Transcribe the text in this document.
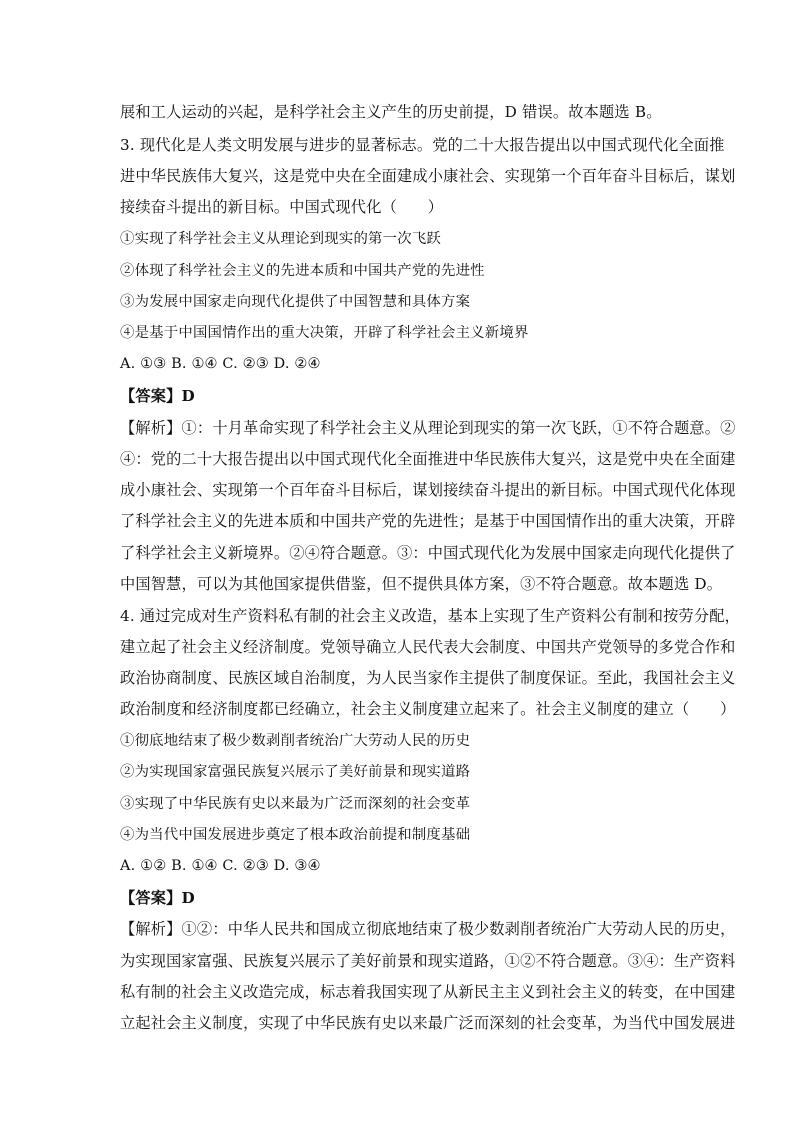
展和工人运动的兴起，是科学社会主义产生的历史前提，D 错误。故本题选 B。
3. 现代化是人类文明发展与进步的显著标志。党的二十大报告提出以中国式现代化全面推
进中华民族伟大复兴，这是党中央在全面建成小康社会、实现第一个百年奋斗目标后，谋划
接续奋斗提出的新目标。中国式现代化（　　）
①实现了科学社会主义从理论到现实的第一次飞跃
②体现了科学社会主义的先进本质和中国共产党的先进性
③为发展中国家走向现代化提供了中国智慧和具体方案
④是基于中国国情作出的重大决策，开辟了科学社会主义新境界
A. ①③ B. ①④ C. ②③ D. ②④
【答案】D
【解析】①：十月革命实现了科学社会主义从理论到现实的第一次飞跃，①不符合题意。②
④：党的二十大报告提出以中国式现代化全面推进中华民族伟大复兴，这是党中央在全面建
成小康社会、实现第一个百年奋斗目标后，谋划接续奋斗提出的新目标。中国式现代化体现
了科学社会主义的先进本质和中国共产党的先进性；是基于中国国情作出的重大决策，开辟
了科学社会主义新境界。②④符合题意。③：中国式现代化为发展中国家走向现代化提供了
中国智慧，可以为其他国家提供借鉴，但不提供具体方案，③不符合题意。故本题选 D。
4. 通过完成对生产资料私有制的社会主义改造，基本上实现了生产资料公有制和按劳分配，
建立起了社会主义经济制度。党领导确立人民代表大会制度、中国共产党领导的多党合作和
政治协商制度、民族区域自治制度，为人民当家作主提供了制度保证。至此，我国社会主义
政治制度和经济制度都已经确立，社会主义制度建立起来了。社会主义制度的建立（　　）
①彻底地结束了极少数剥削者统治广大劳动人民的历史
②为实现国家富强民族复兴展示了美好前景和现实道路
③实现了中华民族有史以来最为广泛而深刻的社会变革
④为当代中国发展进步奠定了根本政治前提和制度基础
A. ①② B. ①④ C. ②③ D. ③④
【答案】D
【解析】①②：中华人民共和国成立彻底地结束了极少数剥削者统治广大劳动人民的历史，
为实现国家富强、民族复兴展示了美好前景和现实道路，①②不符合题意。③④：生产资料
私有制的社会主义改造完成，标志着我国实现了从新民主主义到社会主义的转变，在中国建
立起社会主义制度，实现了中华民族有史以来最广泛而深刻的社会变革，为当代中国发展进
